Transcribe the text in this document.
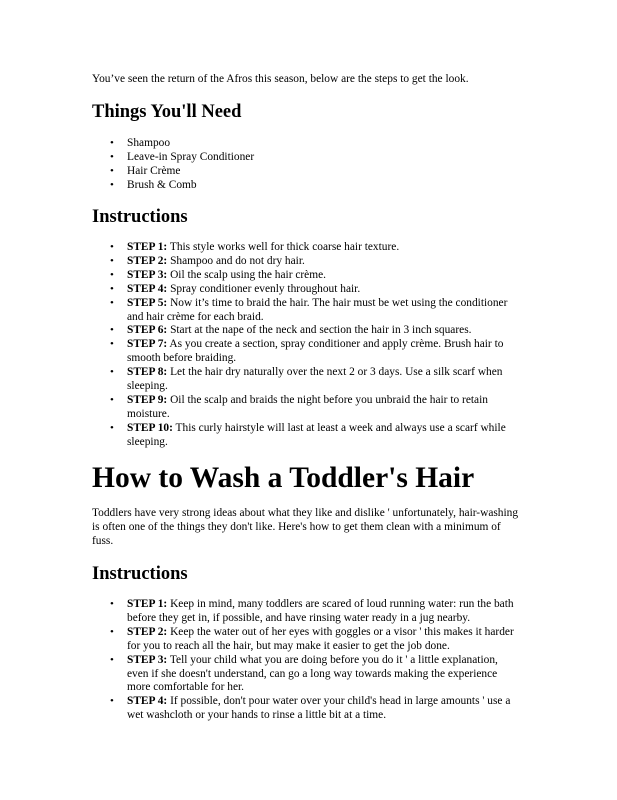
You’ve seen the return of the Afros this season, below are the steps to get the look.

Things You'll Need
• Shampoo
• Leave-in Spray Conditioner
• Hair Crème
• Brush & Comb
Instructions
• STEP 1: This style works well for thick coarse hair texture.
• STEP 2: Shampoo and do not dry hair.
• STEP 3: Oil the scalp using the hair crème.
• STEP 4: Spray conditioner evenly throughout hair.
• STEP 5: Now it’s time to braid the hair. The hair must be wet using the conditioner and hair crème for each braid.
• STEP 6: Start at the nape of the neck and section the hair in 3 inch squares.
• STEP 7: As you create a section, spray conditioner and apply crème. Brush hair to smooth before braiding.
• STEP 8: Let the hair dry naturally over the next 2 or 3 days. Use a silk scarf when sleeping.
• STEP 9: Oil the scalp and braids the night before you unbraid the hair to retain moisture.
• STEP 10: This curly hairstyle will last at least a week and always use a scarf while sleeping.
How to Wash a Toddler's Hair

Toddlers have very strong ideas about what they like and dislike ' unfortunately, hair-washing is often one of the things they don't like. Here's how to get them clean with a minimum of fuss.

Instructions
• STEP 1: Keep in mind, many toddlers are scared of loud running water: run the bath before they get in, if possible, and have rinsing water ready in a jug nearby.
• STEP 2: Keep the water out of her eyes with goggles or a visor ' this makes it harder for you to reach all the hair, but may make it easier to get the job done.
• STEP 3: Tell your child what you are doing before you do it ' a little explanation, even if she doesn't understand, can go a long way towards making the experience more comfortable for her.
• STEP 4: If possible, don't pour water over your child's head in large amounts ' use a wet washcloth or your hands to rinse a little bit at a time.
